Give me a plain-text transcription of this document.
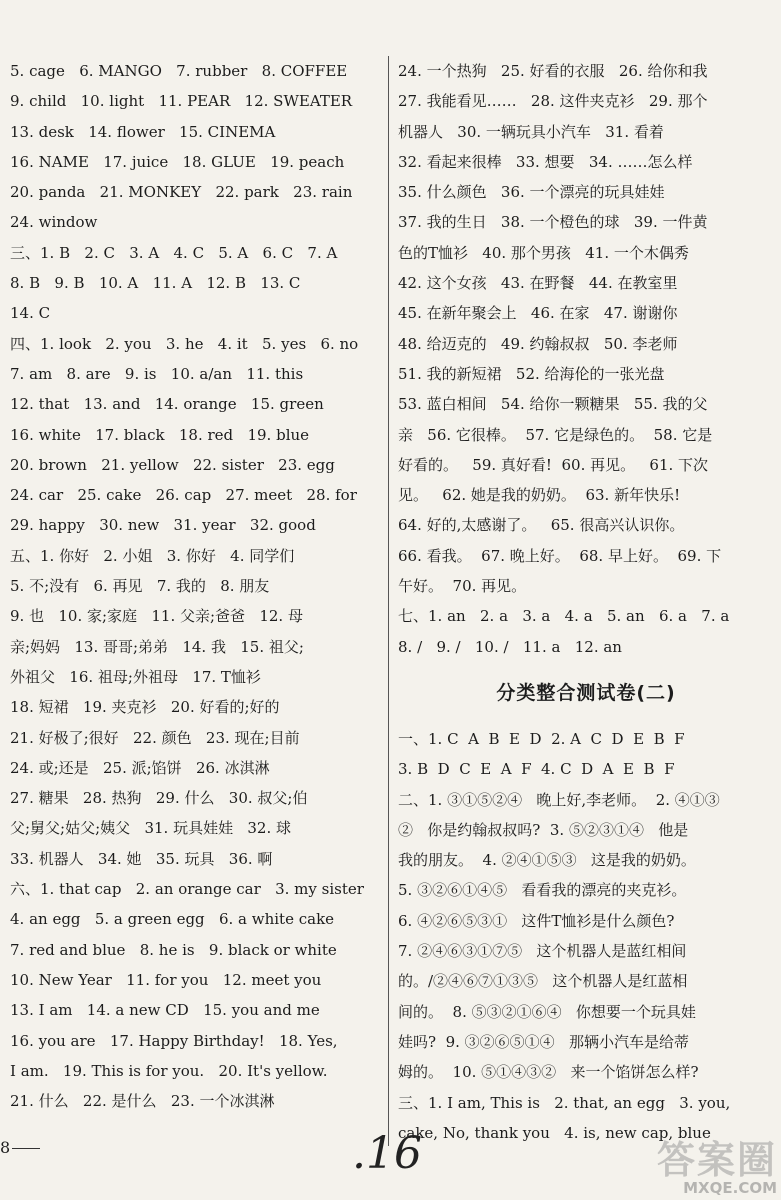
5. cage   6. MANGO   7. rubber   8. COFFEE
9. child   10. light   11. PEAR   12. SWEATER
13. desk   14. flower   15. CINEMA
16. NAME   17. juice   18. GLUE   19. peach
20. panda   21. MONKEY   22. park   23. rain
24. window
三、1. B   2. C   3. A   4. C   5. A   6. C   7. A
8. B   9. B   10. A   11. A   12. B   13. C
14. C
四、1. look   2. you   3. he   4. it   5. yes   6. no
7. am   8. are   9. is   10. a/an   11. this
12. that   13. and   14. orange   15. green
16. white   17. black   18. red   19. blue
20. brown   21. yellow   22. sister   23. egg
24. car   25. cake   26. cap   27. meet   28. for
29. happy   30. new   31. year   32. good
五、1. 你好   2. 小姐   3. 你好   4. 同学们
5. 不;没有   6. 再见   7. 我的   8. 朋友
9. 也   10. 家;家庭   11. 父亲;爸爸   12. 母
亲;妈妈   13. 哥哥;弟弟   14. 我   15. 祖父;
外祖父   16. 祖母;外祖母   17. T恤衫
18. 短裙   19. 夹克衫   20. 好看的;好的
21. 好极了;很好   22. 颜色   23. 现在;目前
24. 或;还是   25. 派;馅饼   26. 冰淇淋
27. 糖果   28. 热狗   29. 什么   30. 叔父;伯
父;舅父;姑父;姨父   31. 玩具娃娃   32. 球
33. 机器人   34. 她   35. 玩具   36. 啊
六、1. that cap   2. an orange car   3. my sister
4. an egg   5. a green egg   6. a white cake
7. red and blue   8. he is   9. black or white
10. New Year   11. for you   12. meet you
13. I am   14. a new CD   15. you and me
16. you are   17. Happy Birthday!   18. Yes,
I am.   19. This is for you.   20. It's yellow.
21. 什么   22. 是什么   23. 一个冰淇淋
24. 一个热狗   25. 好看的衣服   26. 给你和我
27. 我能看见……   28. 这件夹克衫   29. 那个
机器人   30. 一辆玩具小汽车   31. 看着
32. 看起来很棒   33. 想要   34. ……怎么样
35. 什么颜色   36. 一个漂亮的玩具娃娃
37. 我的生日   38. 一个橙色的球   39. 一件黄
色的T恤衫   40. 那个男孩   41. 一个木偶秀
42. 这个女孩   43. 在野餐   44. 在教室里
45. 在新年聚会上   46. 在家   47. 谢谢你
48. 给迈克的   49. 约翰叔叔   50. 李老师
51. 我的新短裙   52. 给海伦的一张光盘
53. 蓝白相间   54. 给你一颗糖果   55. 我的父
亲   56. 它很棒。  57. 它是绿色的。  58. 它是
好看的。   59. 真好看!  60. 再见。   61. 下次
见。   62. 她是我的奶奶。  63. 新年快乐!
64. 好的,太感谢了。   65. 很高兴认识你。
66. 看我。  67. 晚上好。  68. 早上好。  69. 下
午好。  70. 再见。
七、1. an   2. a   3. a   4. a   5. an   6. a   7. a
8. /   9. /   10. /   11. a   12. an
分类整合测试卷(二)
一、1. C  A  B  E  D  2. A  C  D  E  B  F
3. B  D  C  E  A  F  4. C  D  A  E  B  F
二、1. ③①⑤②④   晚上好,李老师。  2. ④①③
②   你是约翰叔叔吗?  3. ⑤②③①④   他是
我的朋友。  4. ②④①⑤③   这是我的奶奶。
5. ③②⑥①④⑤   看看我的漂亮的夹克衫。
6. ④②⑥⑤③①   这件T恤衫是什么颜色?
7. ②④⑥③①⑦⑤   这个机器人是蓝红相间
的。/②④⑥⑦①③⑤   这个机器人是红蓝相
间的。  8. ⑤③②①⑥④   你想要一个玩具娃
娃吗?  9. ③②⑥⑤①④   那辆小汽车是给蒂
姆的。  10. ⑤①④③②   来一个馅饼怎么样?
三、1. I am, This is   2. that, an egg   3. you,
cake, No, thank you   4. is, new cap, blue
8	.16	答案圈
MXQE.COM
